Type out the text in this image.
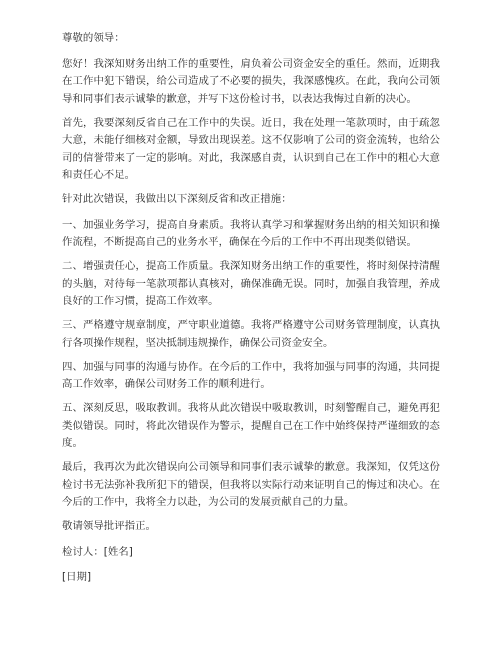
尊敬的领导：

您好！我深知财务出纳工作的重要性，肩负着公司资金安全的重任。然而，近期我在工作中犯下错误，给公司造成了不必要的损失，我深感愧疚。在此，我向公司领导和同事们表示诚挚的歉意，并写下这份检讨书，以表达我悔过自新的决心。

首先，我要深刻反省自己在工作中的失误。近日，我在处理一笔款项时，由于疏忽大意，未能仔细核对金额，导致出现误差。这不仅影响了公司的资金流转，也给公司的信誉带来了一定的影响。对此，我深感自责，认识到自己在工作中的粗心大意和责任心不足。

针对此次错误，我做出以下深刻反省和改正措施：

一、加强业务学习，提高自身素质。我将认真学习和掌握财务出纳的相关知识和操作流程，不断提高自己的业务水平，确保在今后的工作中不再出现类似错误。

二、增强责任心，提高工作质量。我深知财务出纳工作的重要性，将时刻保持清醒的头脑，对待每一笔款项都认真核对，确保准确无误。同时，加强自我管理，养成良好的工作习惯，提高工作效率。

三、严格遵守规章制度，严守职业道德。我将严格遵守公司财务管理制度，认真执行各项操作规程，坚决抵制违规操作，确保公司资金安全。

四、加强与同事的沟通与协作。在今后的工作中，我将加强与同事的沟通，共同提高工作效率，确保公司财务工作的顺利进行。

五、深刻反思，吸取教训。我将从此次错误中吸取教训，时刻警醒自己，避免再犯类似错误。同时，将此次错误作为警示，提醒自己在工作中始终保持严谨细致的态度。

最后，我再次为此次错误向公司领导和同事们表示诚挚的歉意。我深知，仅凭这份检讨书无法弥补我所犯下的错误，但我将以实际行动来证明自己的悔过和决心。在今后的工作中，我将全力以赴，为公司的发展贡献自己的力量。

敬请领导批评指正。

检讨人：[姓名]

[日期]
